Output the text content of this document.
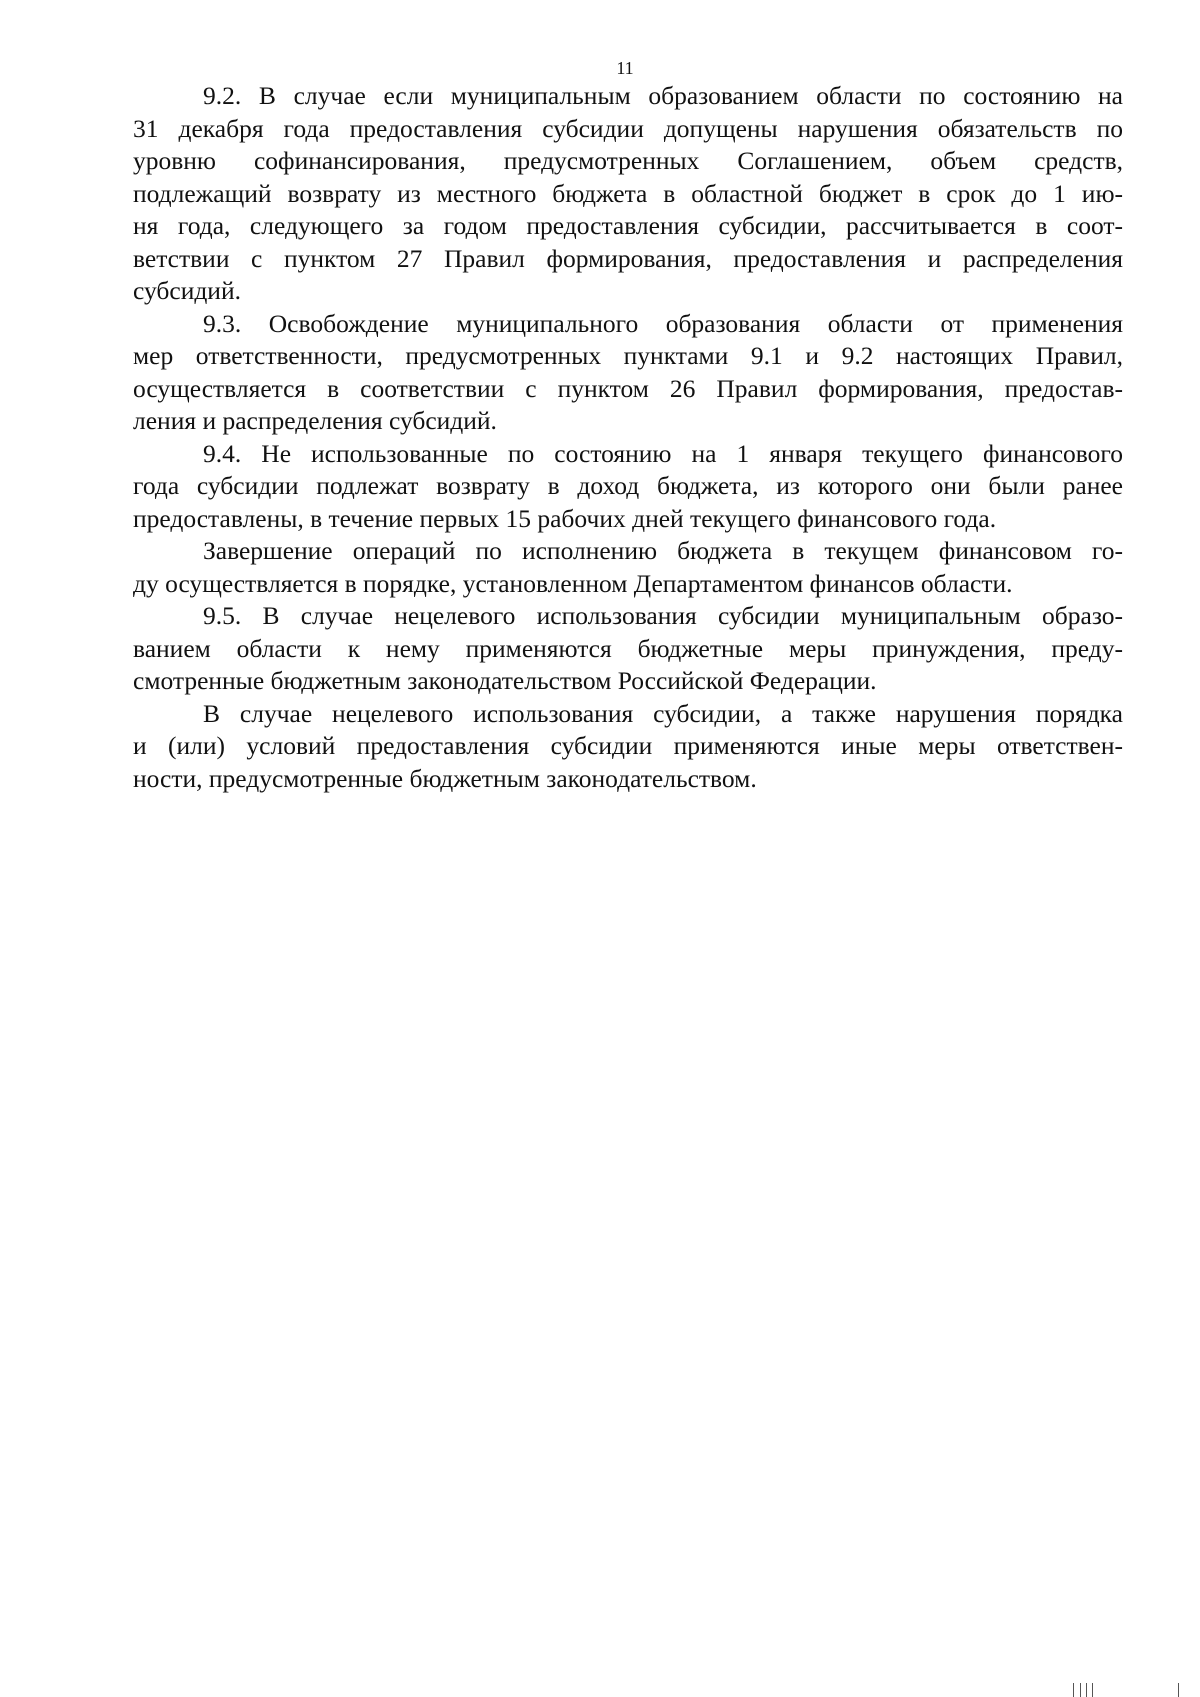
11
9.2. В случае если муниципальным образованием области по состоянию на
31 декабря года предоставления субсидии допущены нарушения обязательств по
уровню софинансирования, предусмотренных Соглашением, объем средств,
подлежащий возврату из местного бюджета в областной бюджет в срок до 1 ию-
ня года, следующего за годом предоставления субсидии, рассчитывается в соот-
ветствии с пунктом 27 Правил формирования, предоставления и распределения
субсидий.
9.3. Освобождение муниципального образования области от применения
мер ответственности, предусмотренных пунктами 9.1 и 9.2 настоящих Правил,
осуществляется в соответствии с пунктом 26 Правил формирования, предостав-
ления и распределения субсидий.
9.4. Не использованные по состоянию на 1 января текущего финансового
года субсидии подлежат возврату в доход бюджета, из которого они были ранее
предоставлены, в течение первых 15 рабочих дней текущего финансового года.
Завершение операций по исполнению бюджета в текущем финансовом го-
ду осуществляется в порядке, установленном Департаментом финансов области.
9.5. В случае нецелевого использования субсидии муниципальным образо-
ванием области к нему применяются бюджетные меры принуждения, преду-
смотренные бюджетным законодательством Российской Федерации.
В случае нецелевого использования субсидии, а также нарушения порядка
и (или) условий предоставления субсидии применяются иные меры ответствен-
ности, предусмотренные бюджетным законодательством.
